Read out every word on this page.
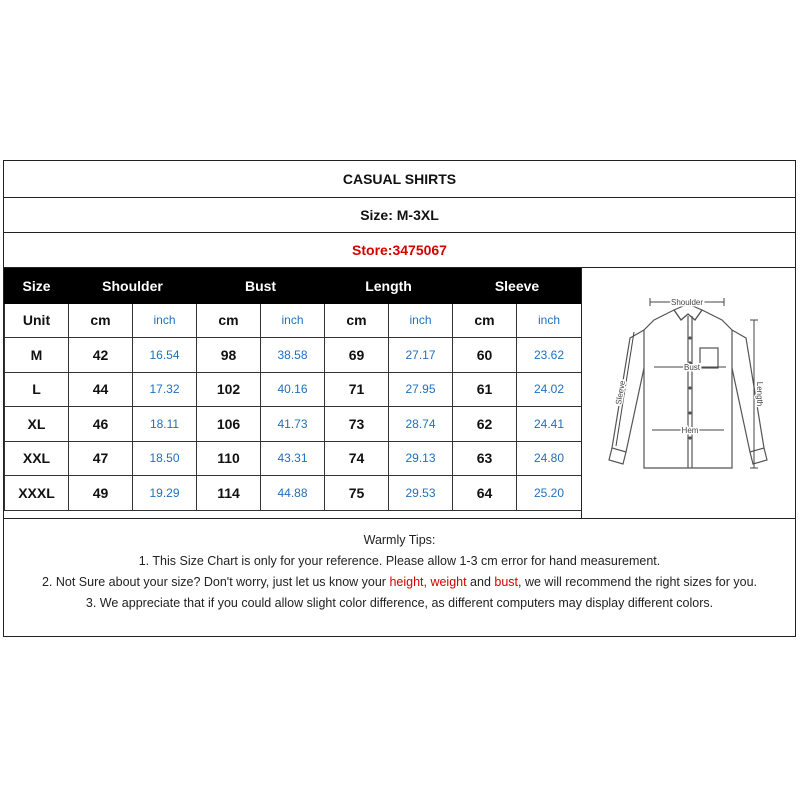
CASUAL SHIRTS
Size: M-3XL
Store:3475067
Size	Shoulder		Bust		Length		Sleeve	
Unit	cm	inch	cm	inch	cm	inch	cm	inch
M	42	16.54	98	38.58	69	27.17	60	23.62
L	44	17.32	102	40.16	71	27.95	61	24.02
XL	46	18.11	106	41.73	73	28.74	62	24.41
XXL	47	18.50	110	43.31	74	29.13	63	24.80
XXXL	49	19.29	114	44.88	75	29.53	64	25.20
Shoulder
Bust
Hem
Sleeve	Length
Warmly Tips:
1. This Size Chart is only for your reference. Please allow 1-3 cm error for hand measurement.
2. Not Sure about your size? Don't worry, just let us know your height, weight and bust, we will recommend the right sizes for you.
3. We appreciate that if you could allow slight color difference, as different computers may display different colors.
